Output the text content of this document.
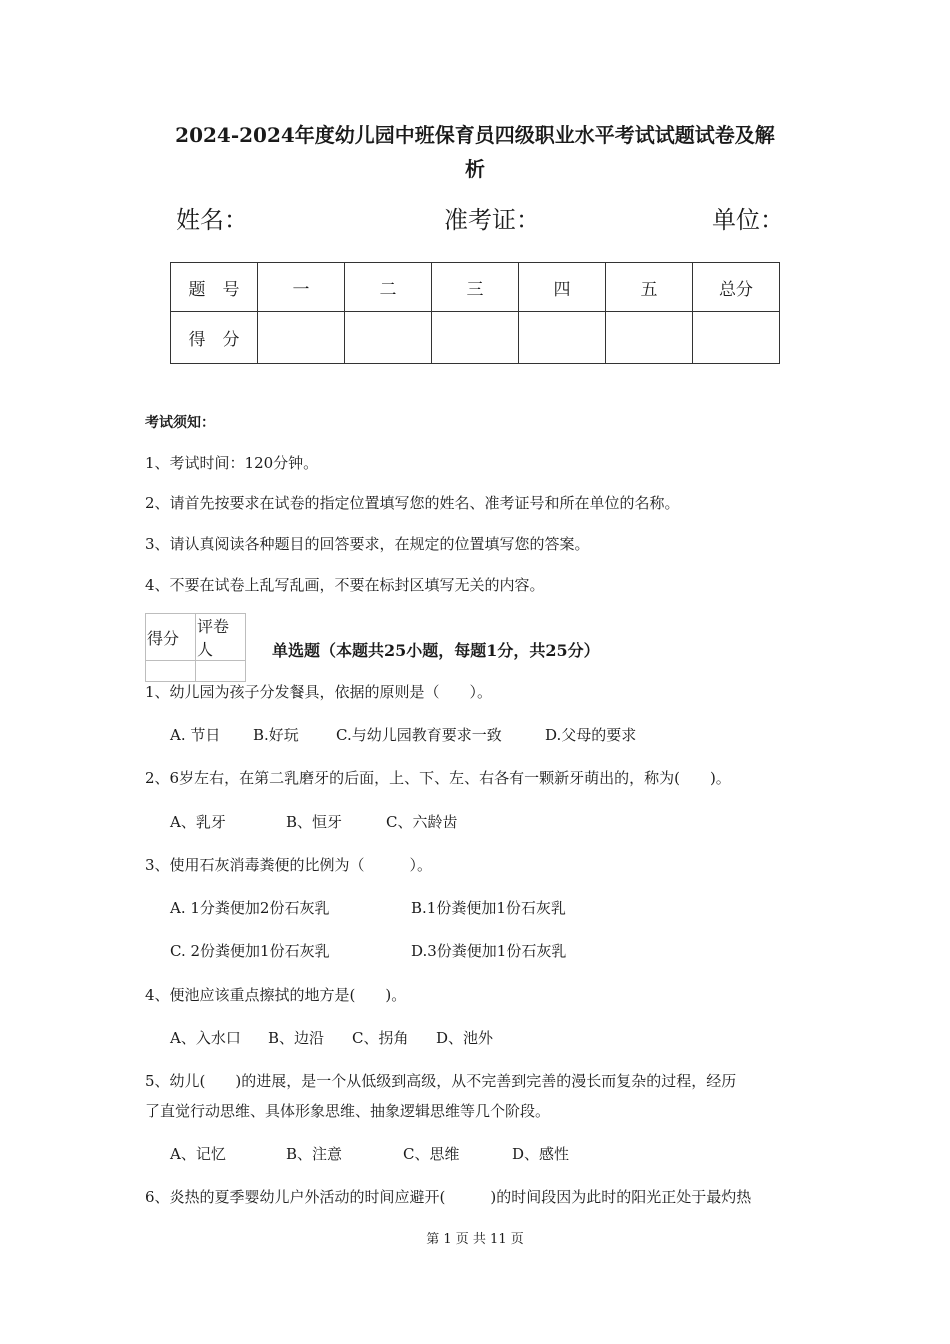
2024-2024年度幼儿园中班保育员四级职业水平考试试题试卷及解
析
姓名：	准考证：	单位：
题　号	一	二	三	四	五	总分
得　分						
考试须知：
1、考试时间：120分钟。
2、请首先按要求在试卷的指定位置填写您的姓名、准考证号和所在单位的名称。
3、请认真阅读各种题目的回答要求，在规定的位置填写您的答案。
4、不要在试卷上乱写乱画，不要在标封区填写无关的内容。
得分	评卷人
		单选题（本题共25小题，每题1分，共25分）
1、幼儿园为孩子分发餐具，依据的原则是（　　）。
A. 节日 B.好玩 C.与幼儿园教育要求一致	D.父母的要求
2、6岁左右，在第二乳磨牙的后面，上、下、左、右各有一颗新牙萌出的，称为(　　)。
A、乳牙	B、恒牙	C、六龄齿
3、使用石灰消毒粪便的比例为（　　　）。
A. 1分粪便加2份石灰乳	B.1份粪便加1份石灰乳
C. 2份粪便加1份石灰乳	D.3份粪便加1份石灰乳
4、便池应该重点擦拭的地方是(　　)。
A、入水口 B、边沿 C、拐角 D、池外
5、幼儿(　　)的进展，是一个从低级到高级，从不完善到完善的漫长而复杂的过程，经历
了直觉行动思维、具体形象思维、抽象逻辑思维等几个阶段。
A、记忆	B、注意	C、思维	D、感性
6、炎热的夏季婴幼儿户外活动的时间应避开(　　　)的时间段因为此时的阳光正处于最灼热
第 1 页 共 11 页
